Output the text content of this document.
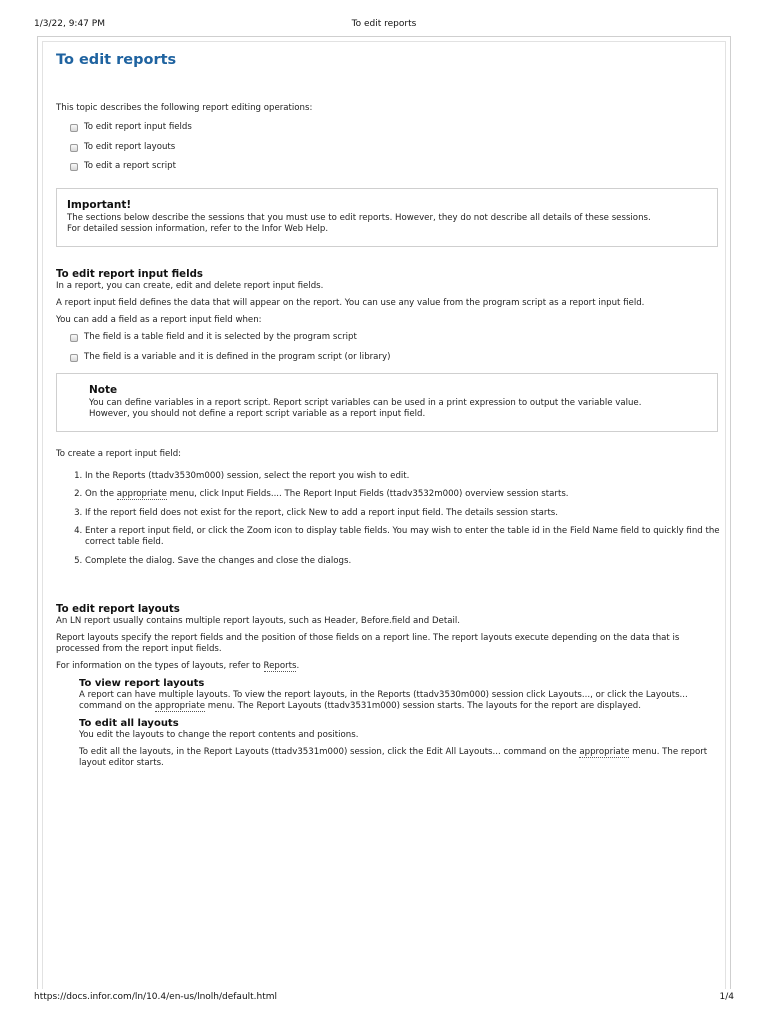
1/3/22, 9:47 PM	To edit reports
To edit reports

This topic describes the following report editing operations:

To edit report input fields
To edit report layouts
To edit a report script
Important!
The sections below describe the sessions that you must use to edit reports. However, they do not describe all details of these sessions.
For detailed session information, refer to the Infor Web Help.
To edit report input fields

In a report, you can create, edit and delete report input fields.

A report input field defines the data that will appear on the report. You can use any value from the program script as a report input field.

You can add a field as a report input field when:

The field is a table field and it is selected by the program script
The field is a variable and it is defined in the program script (or library)
Note
You can define variables in a report script. Report script variables can be used in a print expression to output the variable value.
However, you should not define a report script variable as a report input field.

To create a report input field:

1. In the Reports (ttadv3530m000) session, select the report you wish to edit.
2. On the appropriate menu, click Input Fields.... The Report Input Fields (ttadv3532m000) overview session starts.
3. If the report field does not exist for the report, click New to add a report input field. The details session starts.
4. Enter a report input field, or click the Zoom icon to display table fields. You may wish to enter the table id in the Field Name field to quickly find the correct table field.
5. Complete the dialog. Save the changes and close the dialogs.
To edit report layouts

An LN report usually contains multiple report layouts, such as Header, Before.field and Detail.

Report layouts specify the report fields and the position of those fields on a report line. The report layouts execute depending on the data that is processed from the report input fields.

For information on the types of layouts, refer to Reports.

To view report layouts

A report can have multiple layouts. To view the report layouts, in the Reports (ttadv3530m000) session click Layouts..., or click the Layouts... command on the appropriate menu. The Report Layouts (ttadv3531m000) session starts. The layouts for the report are displayed.

To edit all layouts

You edit the layouts to change the report contents and positions.

To edit all the layouts, in the Report Layouts (ttadv3531m000) session, click the Edit All Layouts... command on the appropriate menu. The report layout editor starts.

https://docs.infor.com/ln/10.4/en-us/lnolh/default.html	1/4
